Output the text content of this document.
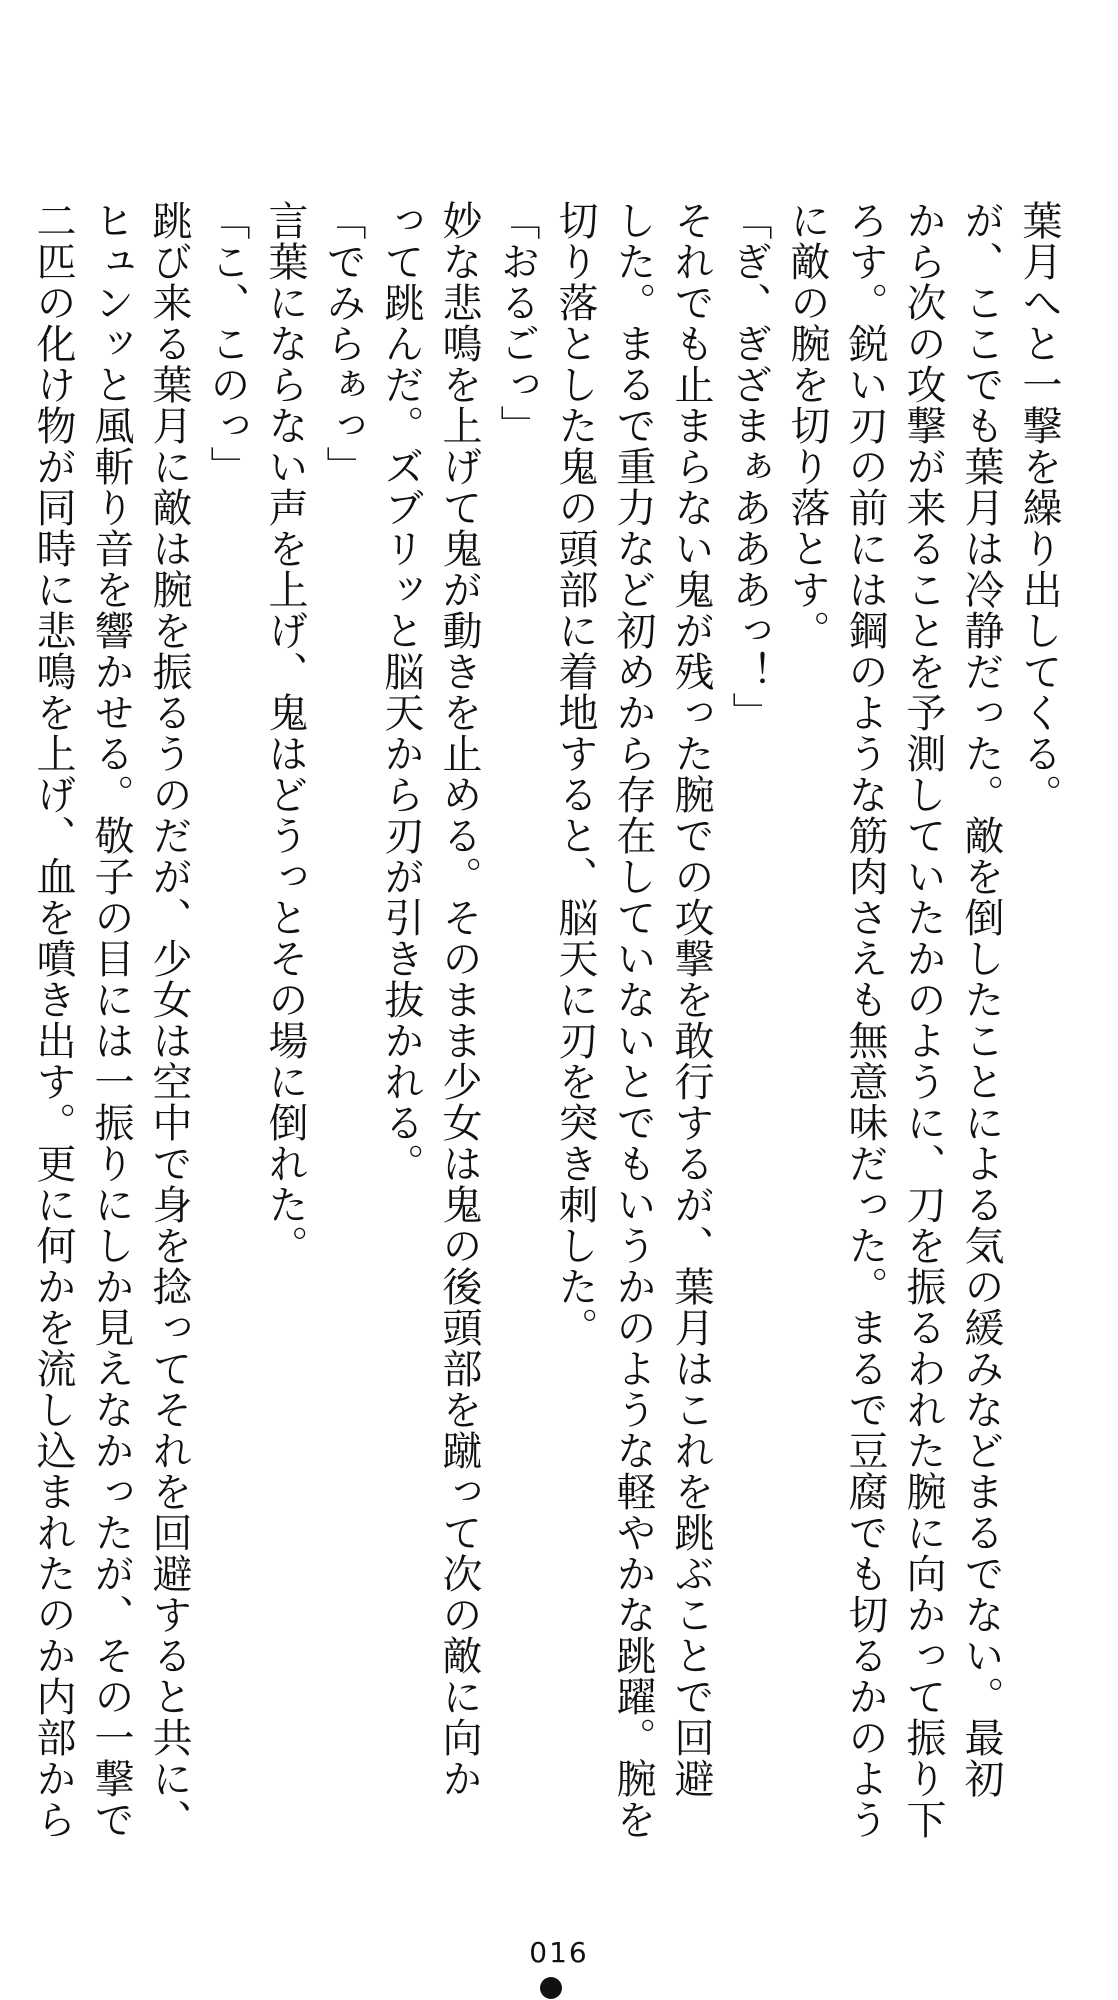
葉月へと一撃を繰り出してくる。

が、ここでも葉月は冷静だった。敵を倒したことによる気の緩みなどまるでない。最初

から次の攻撃が来ることを予測していたかのように、刀を振るわれた腕に向かって振り下

ろす。鋭い刃の前には鋼のような筋肉さえも無意味だった。まるで豆腐でも切るかのよう

に敵の腕を切り落とす。

「ぎ、ぎざまぁあああっ！」

それでも止まらない鬼が残った腕での攻撃を敢行するが、葉月はこれを跳ぶことで回避

した。まるで重力など初めから存在していないとでもいうかのような軽やかな跳躍。腕を

切り落とした鬼の頭部に着地すると、脳天に刃を突き刺した。

「おるごっ」

妙な悲鳴を上げて鬼が動きを止める。そのまま少女は鬼の後頭部を蹴って次の敵に向か

って跳んだ。ズブリッと脳天から刃が引き抜かれる。

「でみらぁっ」

言葉にならない声を上げ、鬼はどうっとその場に倒れた。

「こ、このっ」

跳び来る葉月に敵は腕を振るうのだが、少女は空中で身を捻ってそれを回避すると共に、

ヒュンッと風斬り音を響かせる。敬子の目には一振りにしか見えなかったが、その一撃で

二匹の化け物が同時に悲鳴を上げ、血を噴き出す。更に何かを流し込まれたのか内部から

016
